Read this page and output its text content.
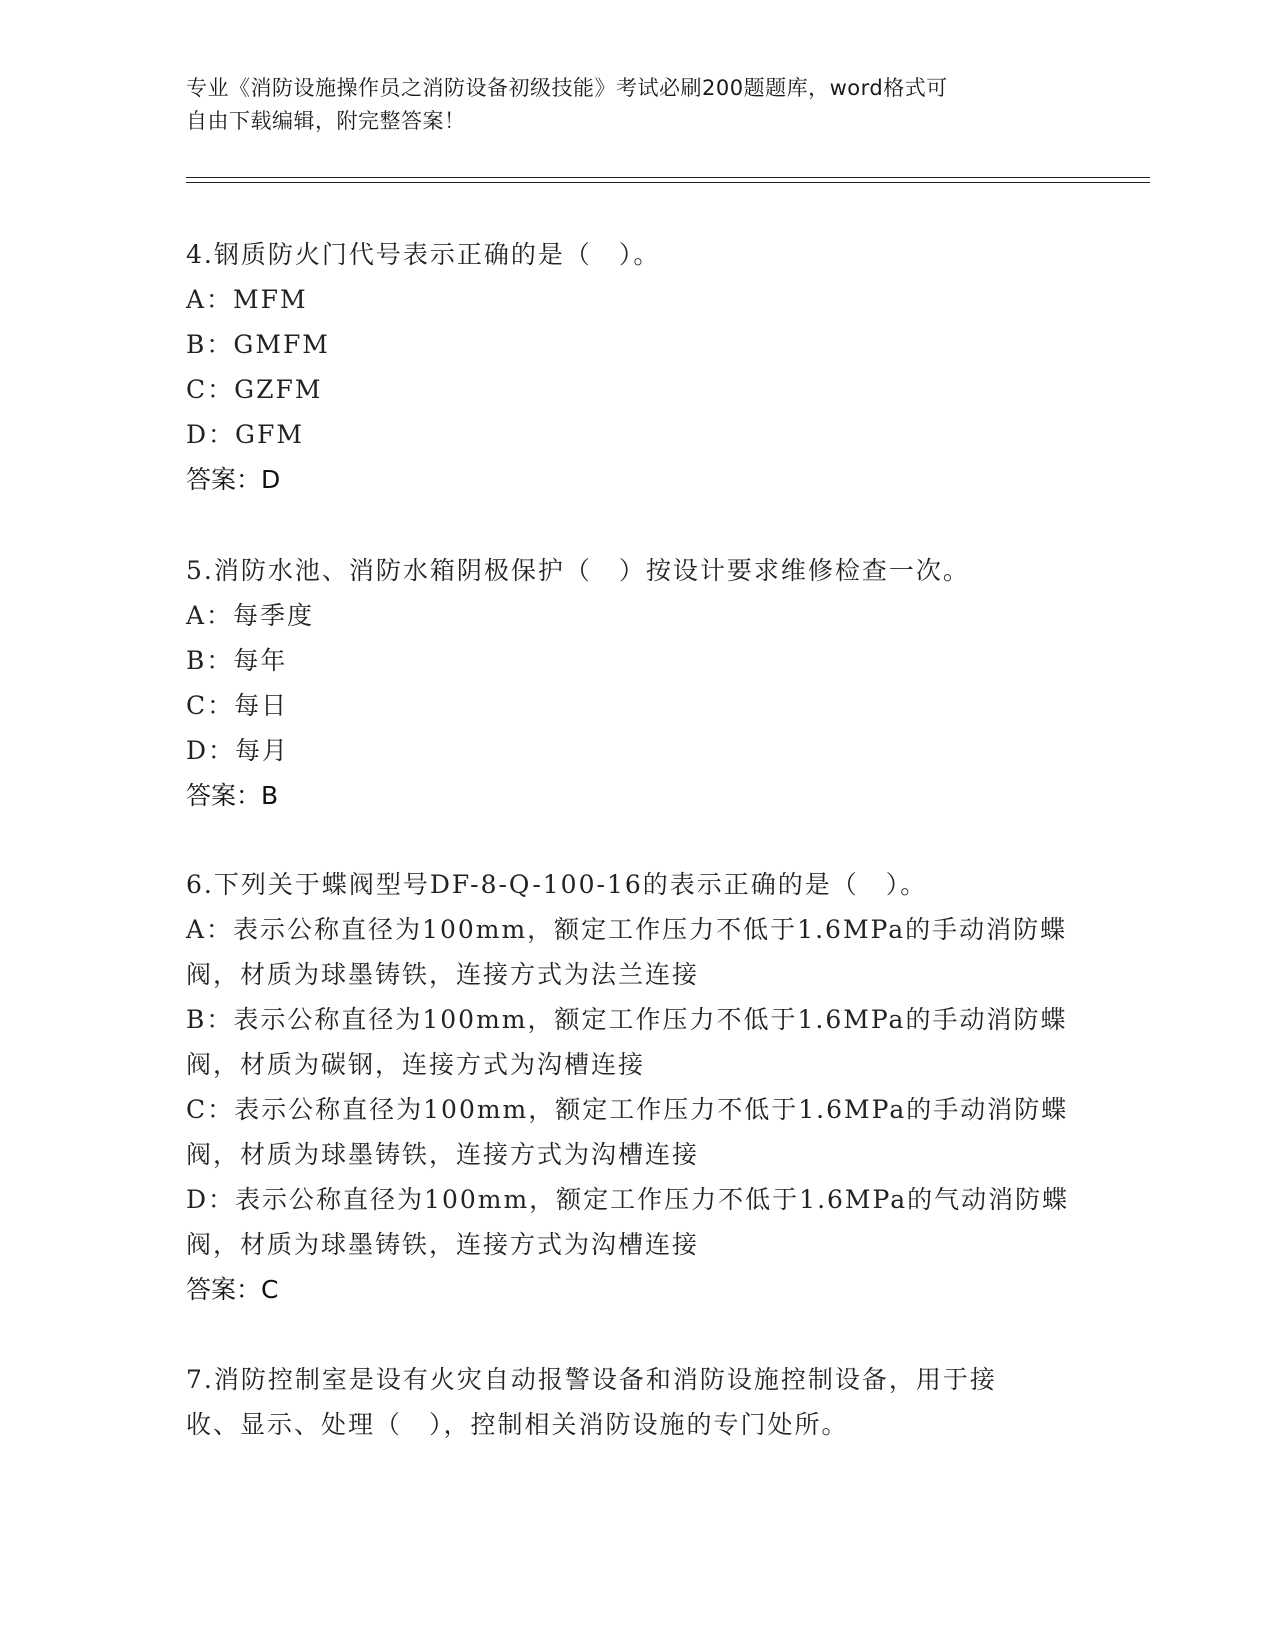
专业《消防设施操作员之消防设备初级技能》考试必刷200题题库，word格式可
自由下载编辑，附完整答案！
4.钢质防火门代号表示正确的是（　）。
A：MFM
B：GMFM
C：GZFM
D：GFM
答案：D
5.消防水池、消防水箱阴极保护（　）按设计要求维修检查一次。
A：每季度
B：每年
C：每日
D：每月
答案：B
6.下列关于蝶阀型号DF-8-Q-100-16的表示正确的是（　）。
A：表示公称直径为100mm，额定工作压力不低于1.6MPa的手动消防蝶
阀，材质为球墨铸铁，连接方式为法兰连接
B：表示公称直径为100mm，额定工作压力不低于1.6MPa的手动消防蝶
阀，材质为碳钢，连接方式为沟槽连接
C：表示公称直径为100mm，额定工作压力不低于1.6MPa的手动消防蝶
阀，材质为球墨铸铁，连接方式为沟槽连接
D：表示公称直径为100mm，额定工作压力不低于1.6MPa的气动消防蝶
阀，材质为球墨铸铁，连接方式为沟槽连接
答案：C
7.消防控制室是设有火灾自动报警设备和消防设施控制设备，用于接
收、显示、处理（　），控制相关消防设施的专门处所。
